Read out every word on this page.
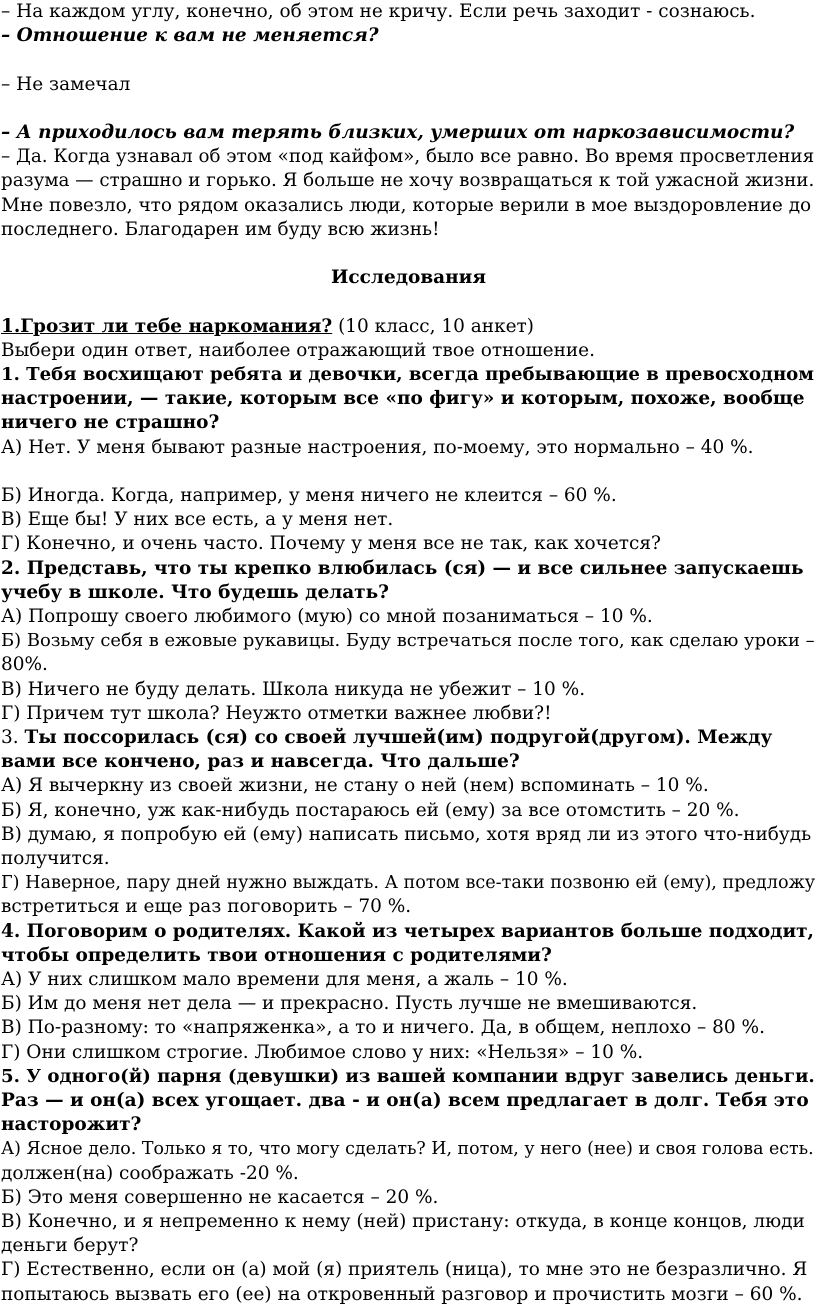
– На каждом углу, конечно, об этом не кричу. Если речь заходит - сознаюсь.
– Отношение к вам не меняется?
– Не замечал
– А приходилось вам терять близких, умерших от наркозависимости?
– Да. Когда узнавал об этом «под кайфом», было все равно. Во время просветления
разума — страшно и горько. Я больше не хочу возвращаться к той ужасной жизни.
Мне повезло, что рядом оказались люди, которые верили в мое выздоровление до
последнего. Благодарен им буду всю жизнь!
Исследования
1.Грозит ли тебе наркомания? (10 класс, 10 анкет)
Выбери один ответ, наиболее отражающий твое отношение.
1. Тебя восхищают ребята и девочки, всегда пребывающие в превосходном
настроении, — такие, которым все «по фигу» и которым, похоже, вообще
ничего не страшно?
А) Нет. У меня бывают разные настроения, по-моему, это нормально – 40 %.
Б) Иногда. Когда, например, у меня ничего не клеится – 60 %.
В) Еще бы! У них все есть, а у меня нет.
Г) Конечно, и очень часто. Почему у меня все не так, как хочется?
2. Представь, что ты крепко влюбилась (ся) — и все сильнее запускаешь
учебу в школе. Что будешь делать?
А) Попрошу своего любимого (мую) со мной позаниматься – 10 %.
Б) Возьму себя в ежовые рукавицы. Буду встречаться после того, как сделаю уроки –
80%.
В) Ничего не буду делать. Школа никуда не убежит – 10 %.
Г) Причем тут школа? Неужто отметки важнее любви?!
3. Ты поссорилась (ся) со своей лучшей(им) подругой(другом). Между
вами все кончено, раз и навсегда. Что дальше?
А) Я вычеркну из своей жизни, не стану о ней (нем) вспоминать – 10 %.
Б) Я, конечно, уж как-нибудь постараюсь ей (ему) за все отомстить – 20 %.
В) думаю, я попробую ей (ему) написать письмо, хотя вряд ли из этого что-нибудь
получится.
Г) Наверное, пару дней нужно выждать. А потом все-таки позвоню ей (ему), предложу
встретиться и еще раз поговорить – 70 %.
4. Поговорим о родителях. Какой из четырех вариантов больше подходит,
чтобы определить твои отношения с родителями?
А) У них слишком мало времени для меня, а жаль – 10 %.
Б) Им до меня нет дела — и прекрасно. Пусть лучше не вмешиваются.
В) По-разному: то «напряженка», а то и ничего. Да, в общем, неплохо – 80 %.
Г) Они слишком строгие. Любимое слово у них: «Нельзя» – 10 %.
5. У одного(й) парня (девушки) из вашей компании вдруг завелись деньги.
Раз — и он(а) всех угощает. два - и он(а) всем предлагает в долг. Тебя это
насторожит?
А) Ясное дело. Только я то, что могу сделать? И, потом, у него (нее) и своя голова есть.
должен(на) соображать -20 %.
Б) Это меня совершенно не касается – 20 %.
В) Конечно, и я непременно к нему (ней) пристану: откуда, в конце концов, люди
деньги берут?
Г) Естественно, если он (а) мой (я) приятель (ница), то мне это не безразлично. Я
попытаюсь вызвать его (ее) на откровенный разговор и прочистить мозги – 60 %.
